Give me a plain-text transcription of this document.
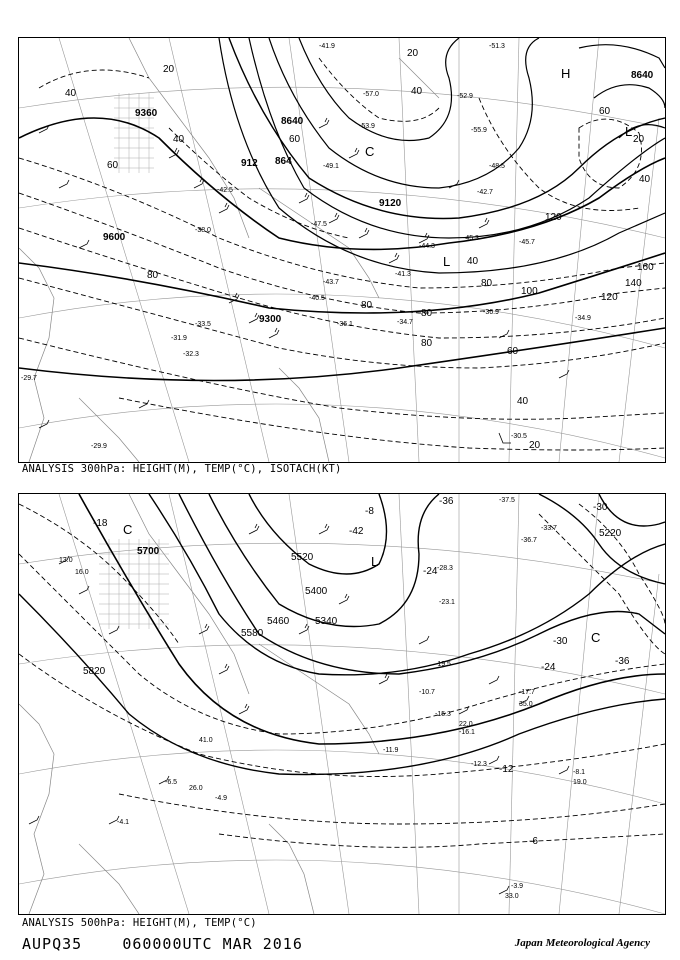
9360
9600
8640
8640
912 864
9300
9120
20
20
40
40
40
60
60
80
80
80
80
100
120
120
140
160
40
60
20
80
40
20
60
40
H
L
C
L
-51.3
-52.9
-41.9
-57.0
-55.9
-48.5
-42.7
-45.3
-44.3
-41.3
-43.7
-36.9
-34.7
-36.1
-40.5
-32.3
-31.9
-33.5
-29.9
-29.7
-30.5
-34.9
-38.0
-42.5
-45.7
-47.5
-49.1
-53.9
ANALYSIS 300hPa: HEIGHT(M), TEMP(°C), ISOTACH(KT)
5700
5820
5220
5520
5460	5340
5580
5400
-18
-36
-30
-30
-24
-36
-12
-6
-8
-42
-24
C
C
L
-37.5
-36.7
-33.7
-28.3
-23.1
-19.5
-17.7
-16.1
-15.3
-12.3
-11.9
-10.7
-8.1
-6.5
-4.9
-4.1
-3.9
13.0
16.0
19.0
22.0
26.0
33.0
35.0
41.0
ANALYSIS 500hPa: HEIGHT(M), TEMP(°C)
AUPQ35	060000UTC MAR 2016	Japan Meteorological Agency
